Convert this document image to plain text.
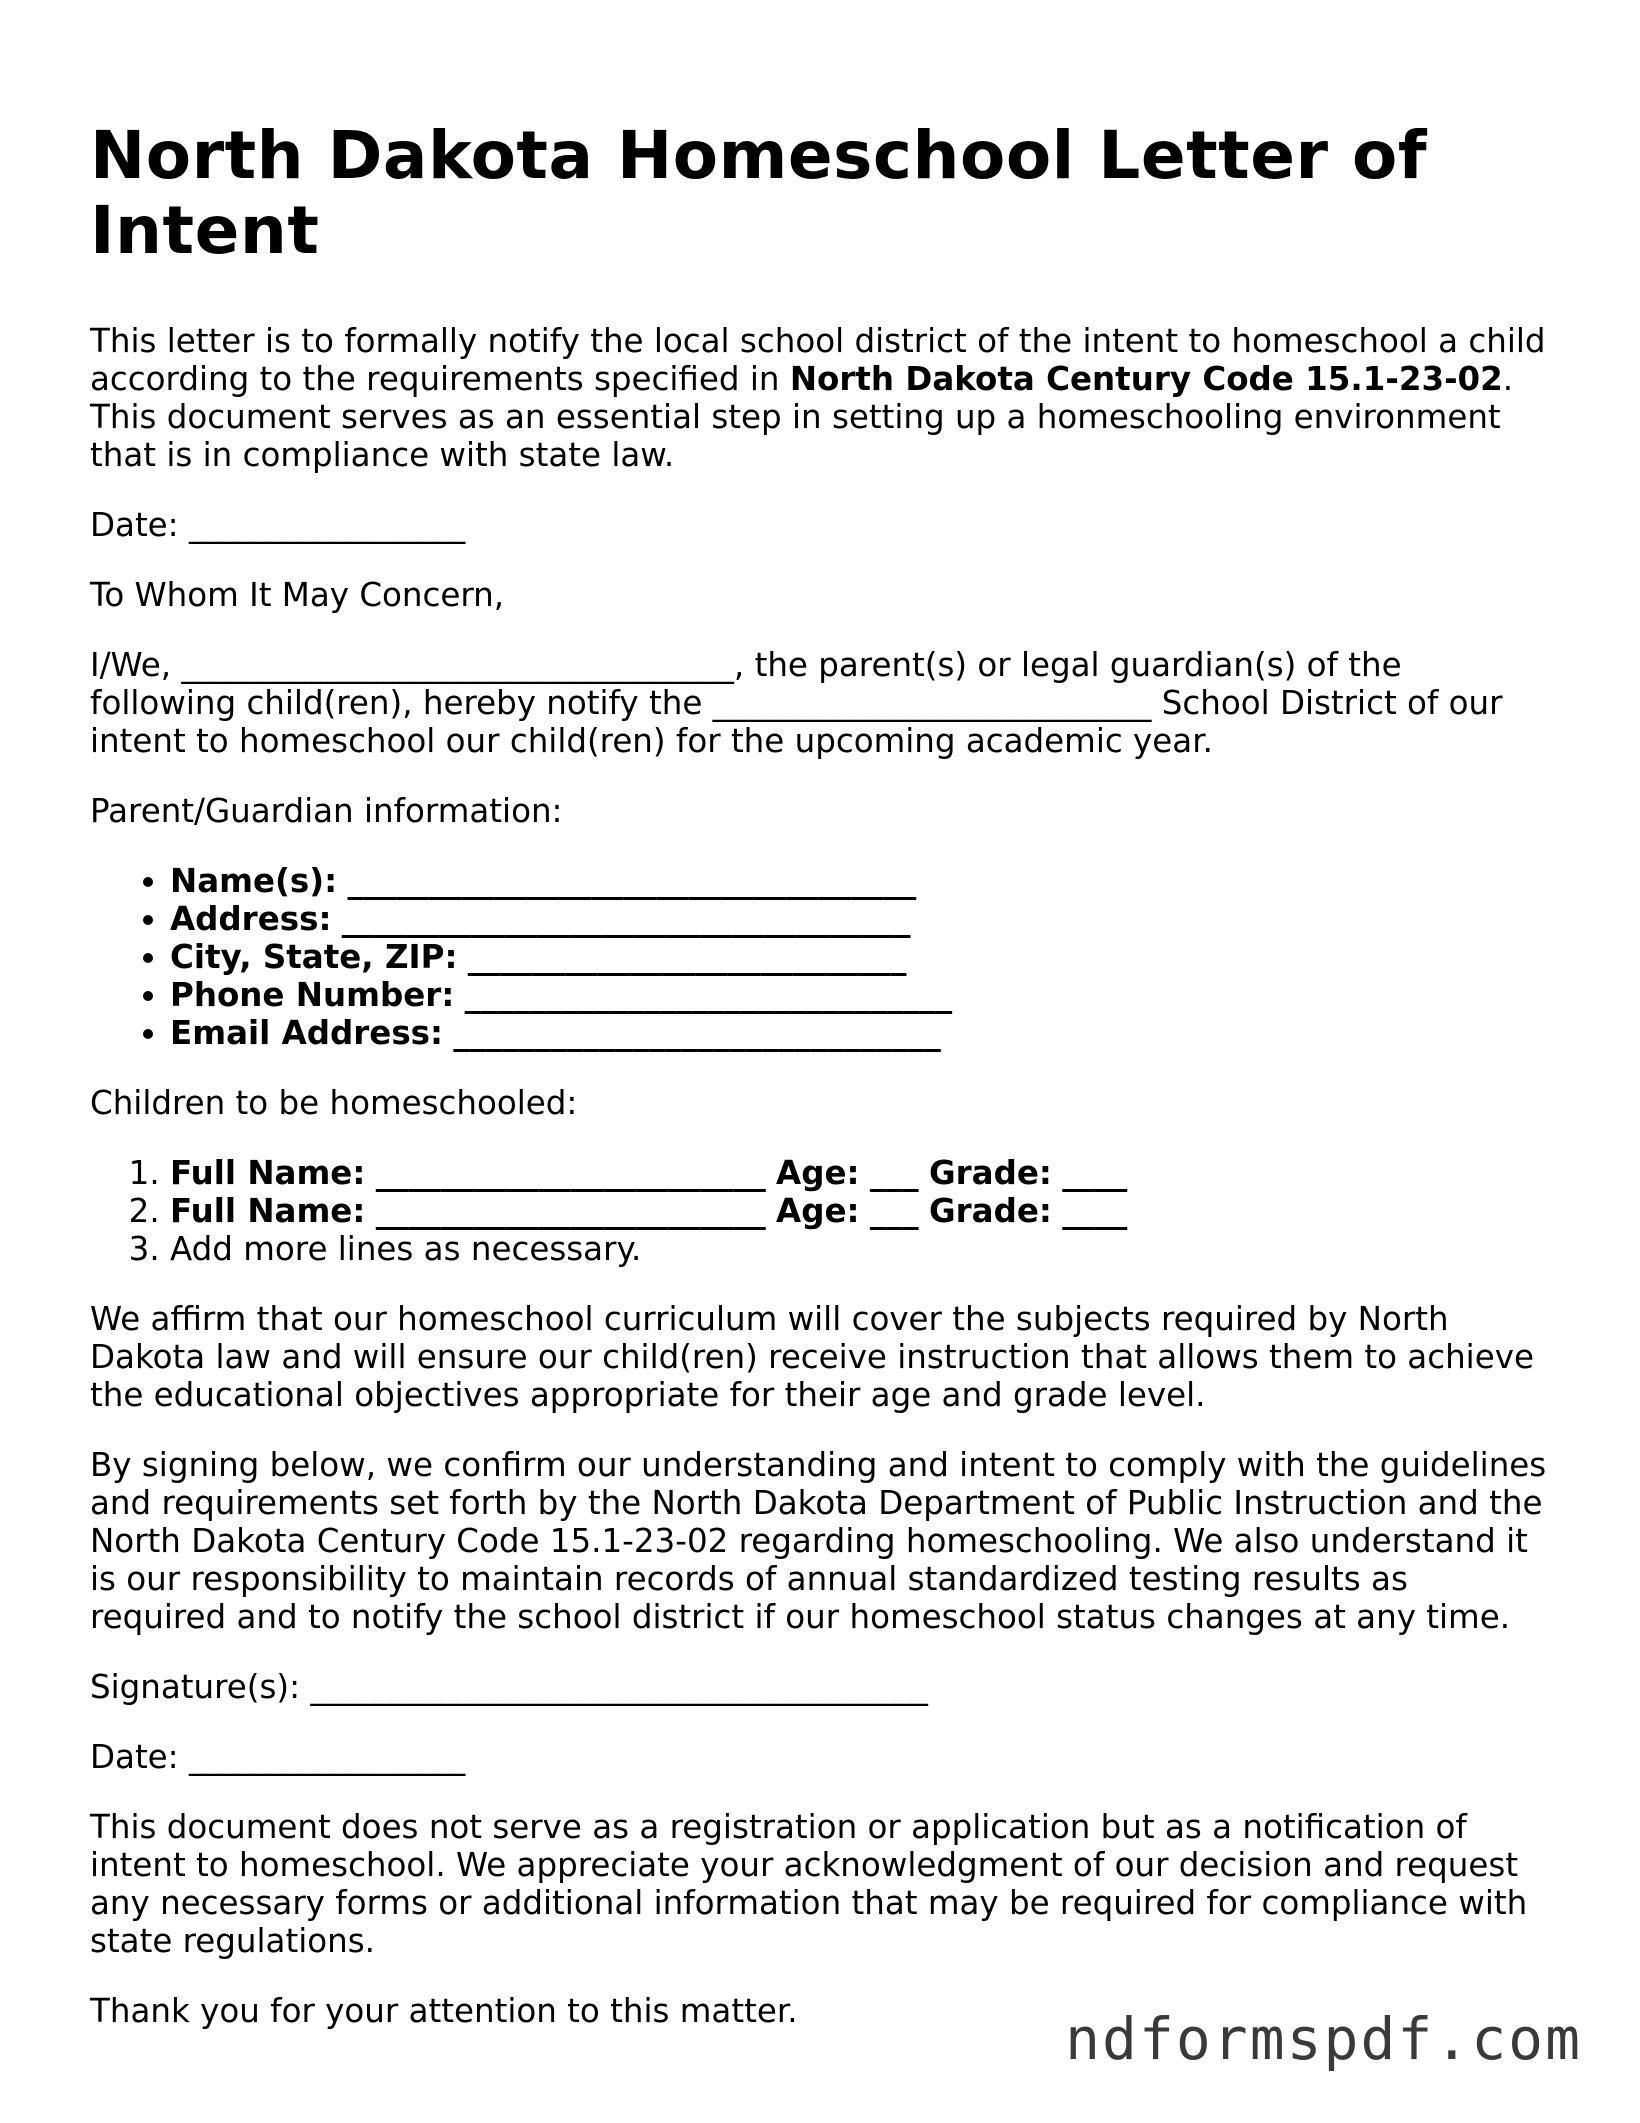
North Dakota Homeschool Letter of Intent

This letter is to formally notify the local school district of the intent to homeschool a child according to the requirements specified in North Dakota Century Code 15.1-23-02. This document serves as an essential step in setting up a homeschooling environment that is in compliance with state law.

Date: _________________

To Whom It May Concern,

I/We, __________________________________, the parent(s) or legal guardian(s) of the following child(ren), hereby notify the ___________________________ School District of our intent to homeschool our child(ren) for the upcoming academic year.

Parent/Guardian information:

• Name(s): ___________________________________
• Address: ___________________________________
• City, State, ZIP: ___________________________
• Phone Number: ______________________________
• Email Address: ______________________________

Children to be homeschooled:

1. Full Name: ________________________ Age: ___ Grade: ____
2. Full Name: ________________________ Age: ___ Grade: ____
3. Add more lines as necessary.

We affirm that our homeschool curriculum will cover the subjects required by North Dakota law and will ensure our child(ren) receive instruction that allows them to achieve the educational objectives appropriate for their age and grade level.

By signing below, we confirm our understanding and intent to comply with the guidelines and requirements set forth by the North Dakota Department of Public Instruction and the North Dakota Century Code 15.1-23-02 regarding homeschooling. We also understand it is our responsibility to maintain records of annual standardized testing results as required and to notify the school district if our homeschool status changes at any time.

Signature(s): ______________________________________

Date: _________________

This document does not serve as a registration or application but as a notification of intent to homeschool. We appreciate your acknowledgment of our decision and request any necessary forms or additional information that may be required for compliance with state regulations.

Thank you for your attention to this matter.	ndformspdf.com
